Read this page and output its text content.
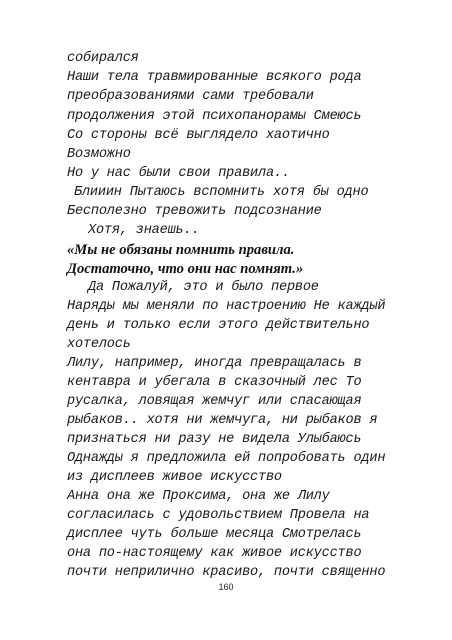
собирался
Наши тела травмированные всякого рода
преобразованиями сами требовали
продолжения этой психопанорамы Смеюсь
Со стороны всё выглядело хаотично
Возможно
Но у нас были свои правила..
Блииин Пытаюсь вспомнить хотя бы одно
Бесполезно тревожить подсознание
Хотя, знаешь..
«Мы не обязаны помнить правила.
Достаточно, что они нас помнят.»
Да Пожалуй, это и было первое
Наряды мы меняли по настроению Не каждый
день и только если этого действительно
хотелось
Лилу, например, иногда превращалась в
кентавра и убегала в сказочный лес То
русалка, ловящая жемчуг или спасающая
рыбаков.. хотя ни жемчуга, ни рыбаков я
признаться ни разу не видела Улыбаюсь
Однажды я предложила ей попробовать один
из дисплеев живое искусство
Анна она же Проксима, она же Лилу
согласилась с удовольствием Провела на
дисплее чуть больше месяца Смотрелась
она по-настоящему как живое искусство
почти неприлично красиво, почти священно
160
